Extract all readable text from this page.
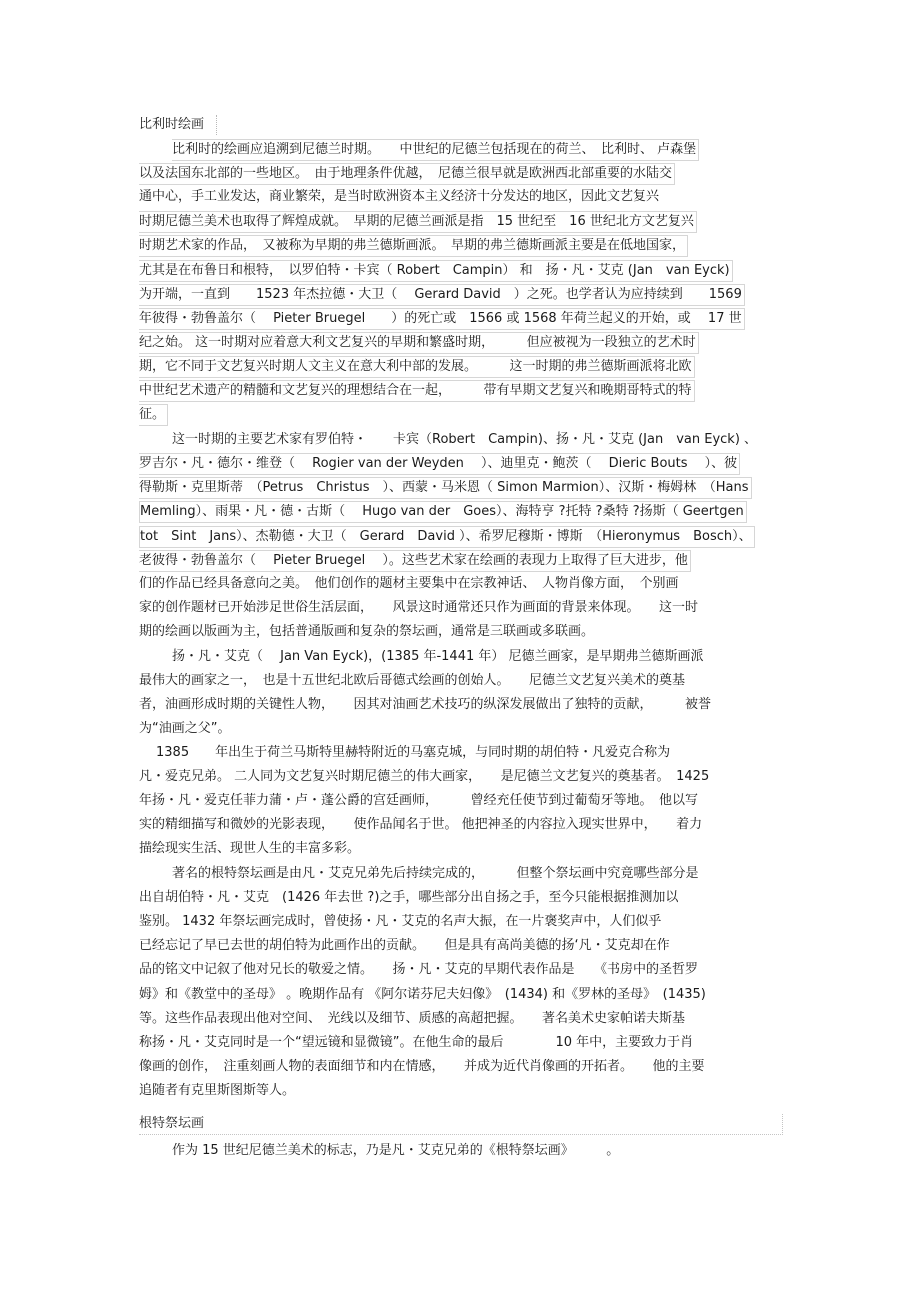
比利时绘画

比利时的绘画应追溯到尼德兰时期。　　中世纪的尼德兰包括现在的荷兰、　比利时、 卢森堡

以及法国东北部的一些地区。　由于地理条件优越，　尼德兰很早就是欧洲西北部重要的水陆交

通中心，手工业发达，商业繁荣，是当时欧洲资本主义经济十分发达的地区，因此文艺复兴

时期尼德兰美术也取得了辉煌成就。　早期的尼德兰画派是指　15 世纪至　16 世纪北方文艺复兴

时期艺术家的作品，　又被称为早期的弗兰德斯画派。　早期的弗兰德斯画派主要是在低地国家，

尤其是在布鲁日和根特，　以罗伯特・卡宾（ Robert　Campin） 和　扬・凡・艾克 (Jan　van Eyck)

为开端，一直到　　1523 年杰拉德・大卫（　 Gerard David　）之死。也学者认为应持续到　　1569

年彼得・勃鲁盖尔（　 Pieter Bruegel　　）的死亡或　1566 或 1568 年荷兰起义的开始，或　 17 世

纪之始。 这一时期对应着意大利文艺复兴的早期和繁盛时期，　　　但应被视为一段独立的艺术时

期，它不同于文艺复兴时期人文主义在意大利中部的发展。　　　这一时期的弗兰德斯画派将北欧

中世纪艺术遗产的精髓和文艺复兴的理想结合在一起，　　　带有早期文艺复兴和晚期哥特式的特

征。

这一时期的主要艺术家有罗伯特・　　卡宾（Robert　Campin)、扬・凡・艾克 (Jan　van Eyck) 、

罗吉尔・凡・德尔・维登（　 Rogier van der Weyden　 ）、迪里克・鲍茨（　 Dieric Bouts　 ）、彼

得勒斯・克里斯蒂　（Petrus　Christus　）、西蒙・马米恩（ Simon Marmion）、汉斯・梅姆林　（Hans

Memling）、雨果・凡・德・古斯（　 Hugo van der　Goes）、海特亨 ?托特 ?桑特 ?扬斯（ Geertgen

tot　Sint　Jans）、杰勒德・大卫（　Gerard　David ）、希罗尼穆斯・博斯　（Hieronymus　Bosch）、

老彼得・勃鲁盖尔（　 Pieter Bruegel　 ）。这些艺术家在绘画的表现力上取得了巨大进步，他

们的作品已经具备意向之美。　他们创作的题材主要集中在宗教神话、　人物肖像方面，　个别画

家的创作题材已开始涉足世俗生活层面，　　风景这时通常还只作为画面的背景来体现。　　这一时

期的绘画以版画为主，包括普通版画和复杂的祭坛画，通常是三联画或多联画。

扬・凡・艾克（　 Jan Van Eyck)，(1385 年-1441 年） 尼德兰画家，是早期弗兰德斯画派

最伟大的画家之一，　也是十五世纪北欧后哥德式绘画的创始人。　　尼德兰文艺复兴美术的奠基

者，油画形成时期的关键性人物，　　因其对油画艺术技巧的纵深发展做出了独特的贡献，　　　被誉

为“油画之父”。

1385　　年出生于荷兰马斯特里赫特附近的马塞克城，与同时期的胡伯特・凡爱克合称为

凡・爱克兄弟。 二人同为文艺复兴时期尼德兰的伟大画家，　　是尼德兰文艺复兴的奠基者。　1425

年扬・凡・爱克任菲力蒲・卢・蓬公爵的宫廷画师，　　　曾经充任使节到过葡萄牙等地。　他以写

实的精细描写和微妙的光影表现，　　使作品闻名于世。 他把神圣的内容拉入现实世界中，　　着力

描绘现实生活、现世人生的丰富多彩。

著名的根特祭坛画是由凡・艾克兄弟先后持续完成的，　　　但整个祭坛画中究竟哪些部分是

出自胡伯特・凡・艾克　(1426 年去世 ?)之手，哪些部分出自扬之手，至今只能根据推测加以

鉴别。 1432 年祭坛画完成时，曾使扬・凡・艾克的名声大振，在一片褒奖声中，人们似乎

已经忘记了早已去世的胡伯特为此画作出的贡献。　　但是具有高尚美德的扬‘凡・艾克却在作

品的铭文中记叙了他对兄长的敬爱之情。　　扬・凡・艾克的早期代表作品是　　《书房中的圣哲罗

姆》和《教堂中的圣母》 。晚期作品有 《阿尔诺芬尼夫妇像》　(1434) 和《罗林的圣母》　(1435)

等。这些作品表现出他对空间、　光线以及细节、质感的高超把握。　　著名美术史家帕诺夫斯基

称扬・凡・艾克同时是一个“望远镜和显微镜”。在他生命的最后　　　　10 年中，主要致力于肖

像画的创作，　注重刻画人物的表面细节和内在情感，　　并成为近代肖像画的开拓者。　　他的主要

追随者有克里斯图斯等人。

根特祭坛画

作为 15 世纪尼德兰美术的标志，乃是凡・艾克兄弟的《根特祭坛画》　　　。
